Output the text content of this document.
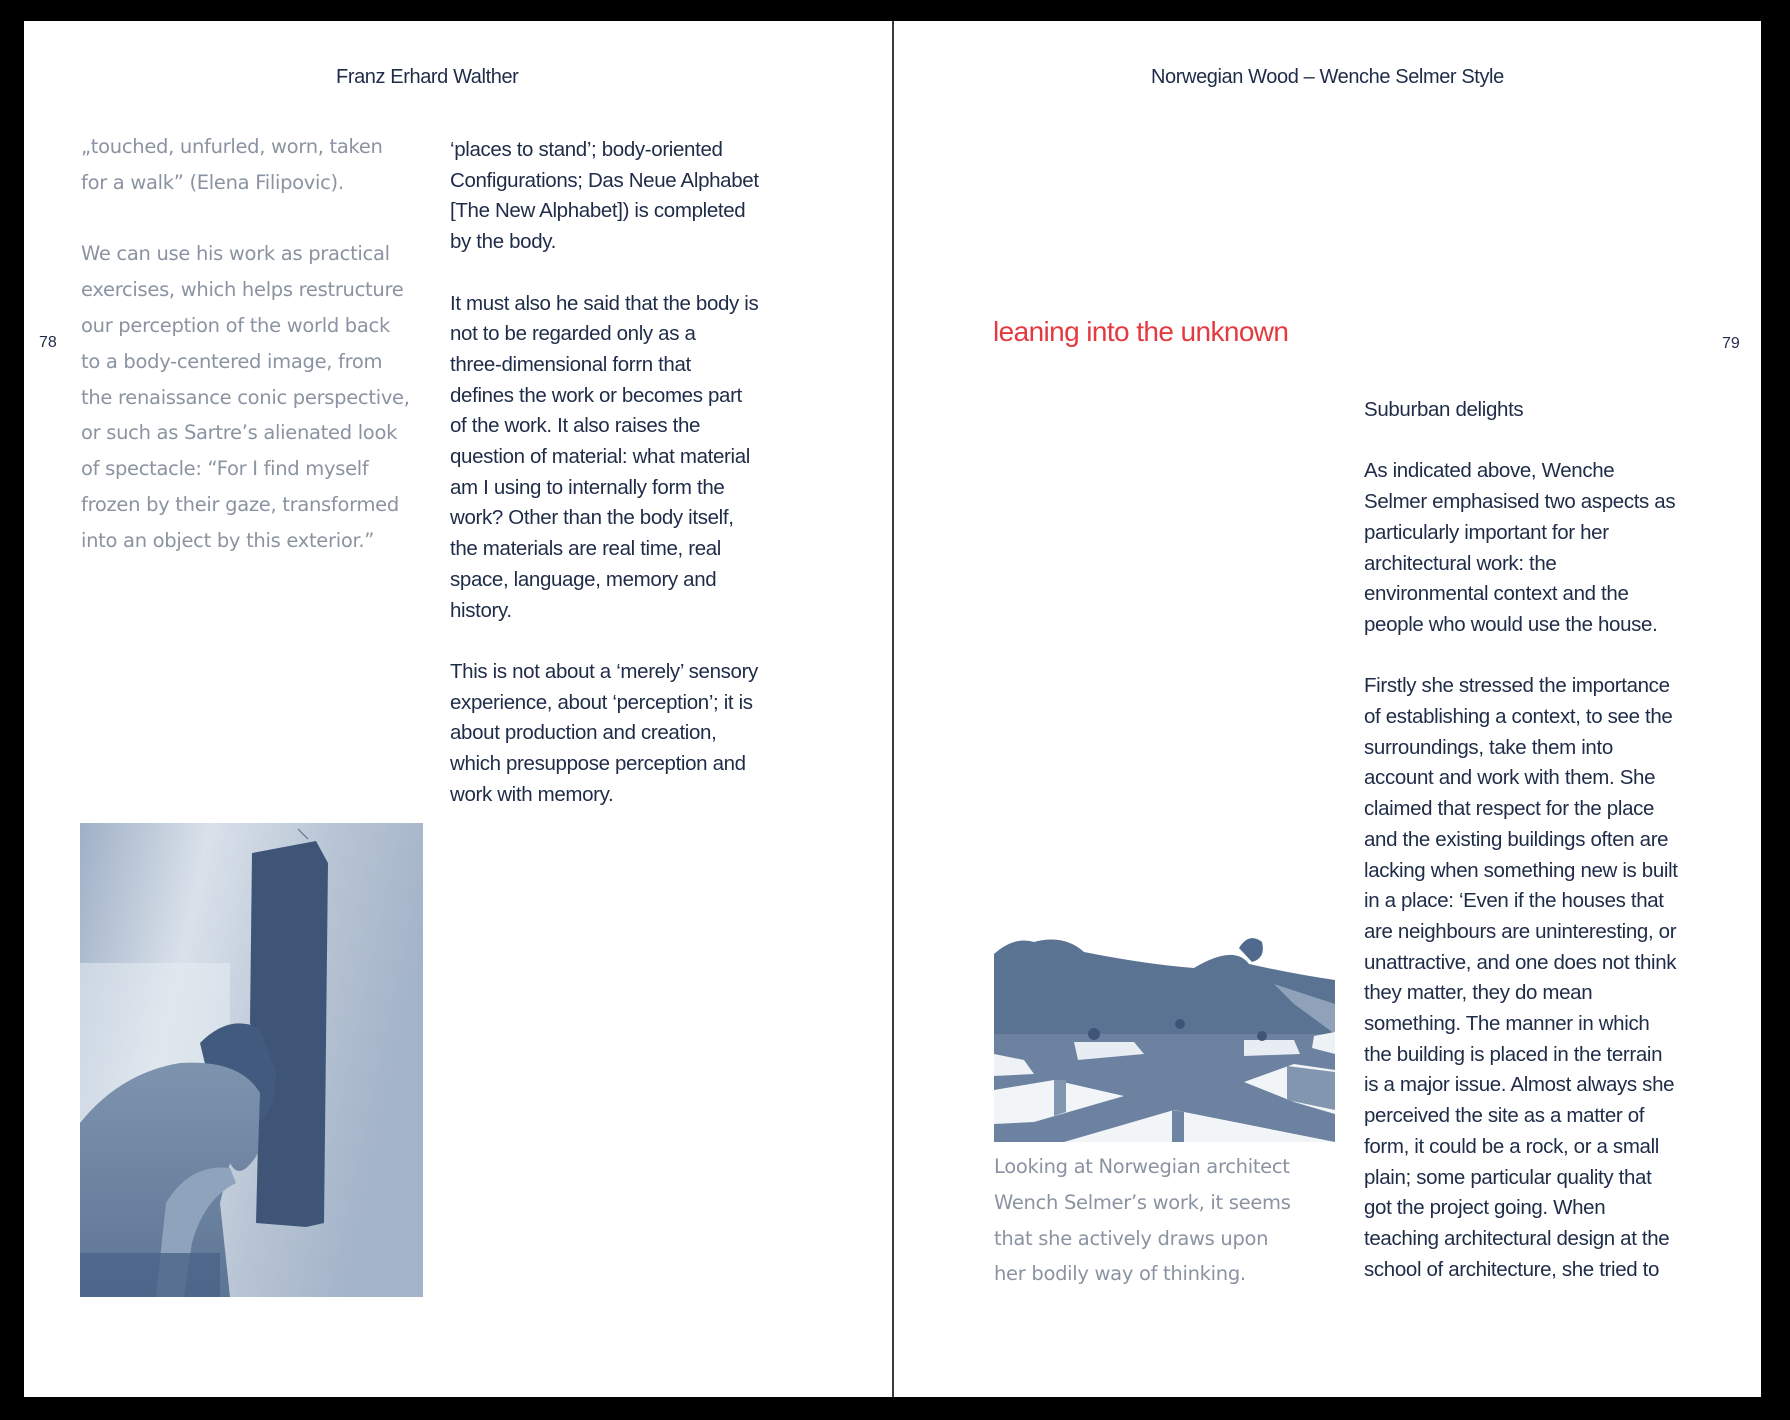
Franz Erhard Walther
78

„touched, unfurled, worn, taken
for a walk” (Elena Filipovic).

We can use his work as practical
exercises, which helps restructure
our perception of the world back
to a body-centered image, from
the renaissance conic perspective,
or such as Sartre’s alienated look
of spectacle: “For I find myself
frozen by their gaze, transformed
into an object by this exterior.”

‘places to stand’; body-oriented
Configurations; Das Neue Alphabet
[The New Alphabet]) is completed
by the body.

It must also he said that the body is
not to be regarded only as a
three-dimensional forrn that
defines the work or becomes part
of the work. It also raises the
question of material: what material
am I using to internally form the
work? Other than the body itself,
the materials are real time, real
space, language, memory and
history.

This is not about a ‘merely’ sensory
experience, about ‘perception’; it is
about production and creation,
which presuppose perception and
work with memory.

Norwegian Wood – Wenche Selmer Style
leaning into the unknown	79

Suburban delights

As indicated above, Wenche
Selmer emphasised two aspects as
particularly important for her
architectural work: the
environmental context and the
people who would use the house.

Firstly she stressed the importance
of establishing a context, to see the
surroundings, take them into
account and work with them. She
claimed that respect for the place
and the existing buildings often are
lacking when something new is built
in a place: ‘Even if the houses that
are neighbours are uninteresting, or
unattractive, and one does not think
they matter, they do mean
something. The manner in which
the building is placed in the terrain
is a major issue. Almost always she
perceived the site as a matter of
form, it could be a rock, or a small
plain; some particular quality that
got the project going. When
teaching architectural design at the
school of architecture, she tried to

Looking at Norwegian architect
Wench Selmer’s work, it seems
that she actively draws upon
her bodily way of thinking.
